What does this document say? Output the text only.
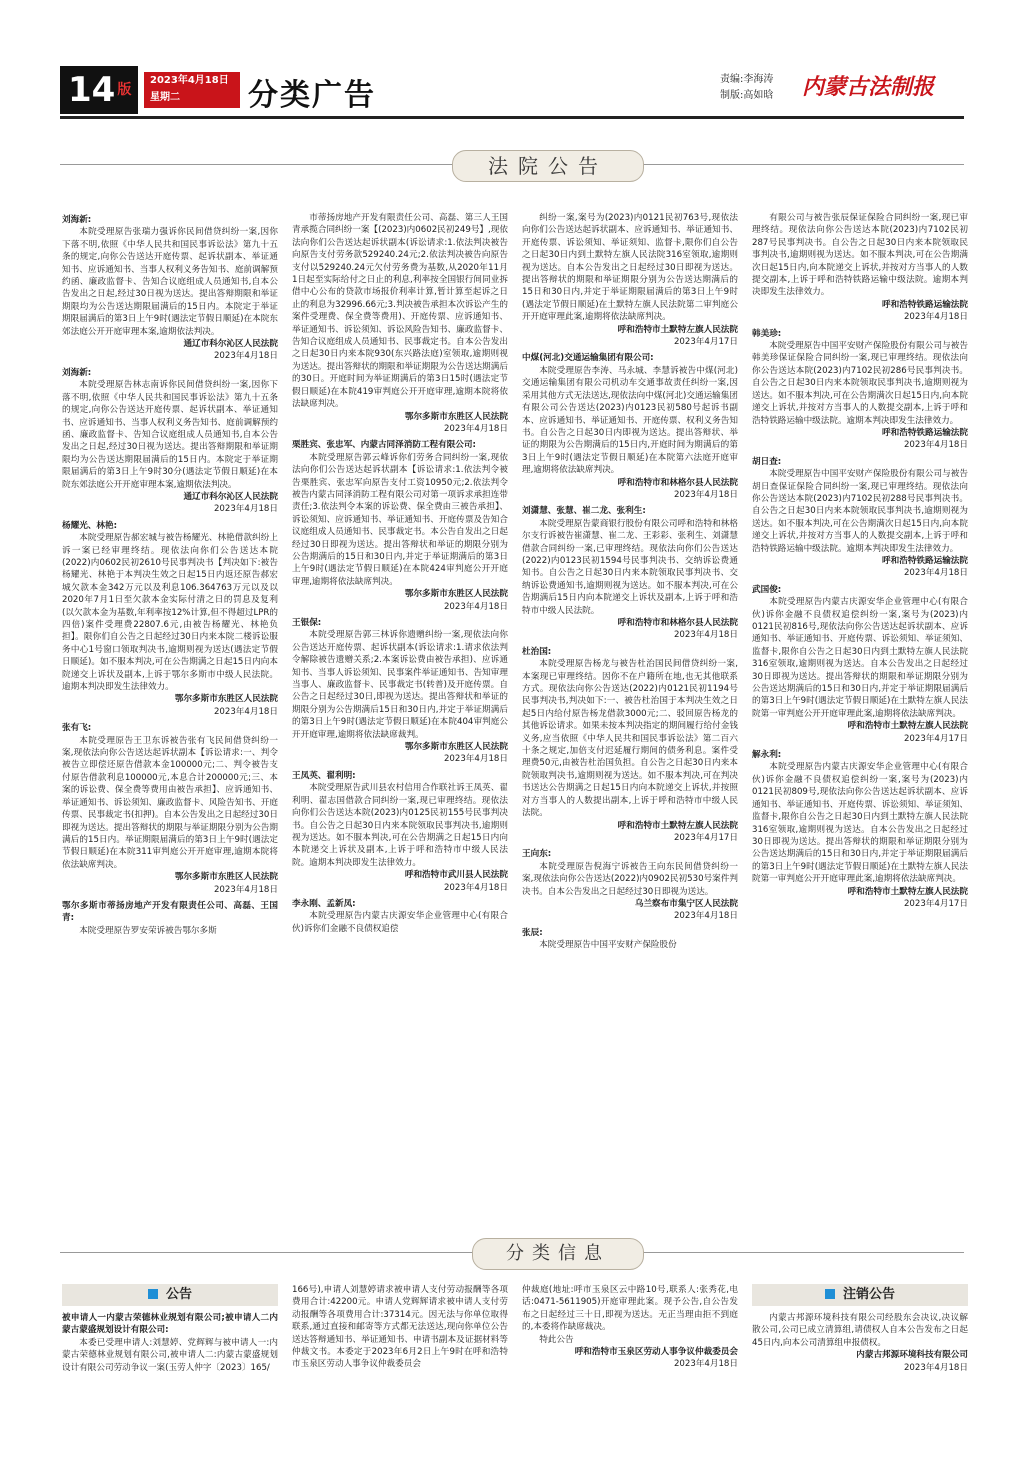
14 $^版$
2023年4月18日
星期二	分类广告	责编:李海涛
制版:高如晗 内蒙古法制报
法院公告
刘海新:
本院受理原告张瑞力强诉你民间借贷纠纷一案,因你下落不明,依照《中华人民共和国民事诉讼法》第九十五条的规定,向你公告送达开庭传票、起诉状副本、举证通知书、应诉通知书、当事人权利义务告知书、庭前调解预约函、廉政监督卡、告知合议庭组成人员通知书,自本公告发出之日起,经过30日视为送达。提出答辩期限和举证期限均为公告送达期限届满后的15日内。本院定于举证期限届满后的第3日上午9时(遇法定节假日顺延)在本院东郊法庭公开开庭审理本案,逾期依法判决。
通辽市科尔沁区人民法院
2023年4月18日
刘海新:
本院受理原告林志南诉你民间借贷纠纷一案,因你下落不明,依照《中华人民共和国民事诉讼法》第九十五条的规定,向你公告送达开庭传票、起诉状副本、举证通知书、应诉通知书、当事人权利义务告知书、庭前调解预约函、廉政监督卡、告知合议庭组成人员通知书,自本公告发出之日起,经过30日视为送达。提出答辩期限和举证期限均为公告送达期限届满后的15日内。本院定于举证期限届满后的第3日上午9时30分(遇法定节假日顺延)在本院东郊法庭公开开庭审理本案,逾期依法判决。
通辽市科尔沁区人民法院
2023年4月18日
杨耀光、林艳:
本院受理原告郝宏城与被告杨耀光、林艳借款纠纷上诉一案已经审理终结。现依法向你们公告送达本院(2022)内0602民初2610号民事判决书【判决如下:被告杨耀光、林艳于本判决生效之日起15日内返还原告郝宏城欠款本金342万元以及利息106.364763万元以及以2020年7月1日至欠款本金实际付清之日的罚息及复利(以欠款本金为基数,年利率按12%计算,但不得超过LPR的四倍)案件受理费22807.6元,由被告杨耀光、林艳负担】。限你们自公告之日起经过30日内来本院二楼诉讼服务中心1号窗口领取判决书,逾期则视为送达(遇法定节假日顺延)。如不服本判决,可在公告期满之日起15日内向本院递交上诉状及副本,上诉于鄂尔多斯市中级人民法院。逾期本判决即发生法律效力。
鄂尔多斯市东胜区人民法院
2023年4月18日
张有飞:
本院受理原告王卫东诉被告张有飞民间借贷纠纷一案,现依法向你公告送达起诉状副本【诉讼请求:一、判令被告立即偿还原告借款本金100000元;二、判令被告支付原告借款利息100000元,本息合计200000元;三、本案的诉讼费、保全费等费用由被告承担】、应诉通知书、举证通知书、诉讼须知、廉政监督卡、风险告知书、开庭传票、民事裁定书(扣押)。自本公告发出之日起经过30日即视为送达。提出答辩状的期限与举证期限分别为公告期满后的15日内。举证期限届满后的第3日上午9时(遇法定节假日顺延)在本院311审判庭公开开庭审理,逾期本院将依法缺席判决。
鄂尔多斯市东胜区人民法院
2023年4月18日
鄂尔多斯市蒂扬房地产开发有限责任公司、高磊、王国青:
本院受理原告罗安荣诉被告鄂尔多斯
市蒂扬房地产开发有限责任公司、高磊、第三人王国青承揽合同纠纷一案【(2023)内0602民初249号】,现依法向你们公告送达起诉状副本(诉讼请求:1.依法判决被告向原告支付劳务款529240.24元;2.依法判决被告向原告支付以529240.24元欠付劳务费为基数,从2020年11月1日起至实际给付之日止的利息,利率按全国银行间同业拆借中心公布的贷款市场报价利率计算,暂计算至起诉之日止的利息为32996.66元;3.判决被告承担本次诉讼产生的案件受理费、保全费等费用)、开庭传票、应诉通知书、举证通知书、诉讼须知、诉讼风险告知书、廉政监督卡、告知合议庭组成人员通知书、民事裁定书。自本公告发出之日起30日内来本院930(东兴路法庭)室领取,逾期则视为送达。提出答辩状的期限和举证期限为公告送达期满后的30日。开庭时间为举证期满后的第3日15时(遇法定节假日顺延)在本院419审判庭公开开庭审理,逾期本院将依法缺席判决。
鄂尔多斯市东胜区人民法院
2023年4月18日
栗胜宾、张忠军、内蒙古同泽消防工程有限公司:
本院受理原告郭云峰诉你们劳务合同纠纷一案,现依法向你们公告送达起诉状副本【诉讼请求:1.依法判令被告栗胜宾、张忠军向原告支付工资10950元;2.依法判令被告内蒙古同泽消防工程有限公司对第一项诉求承担连带责任;3.依法判令本案的诉讼费、保全费由三被告承担】、诉讼须知、应诉通知书、举证通知书、开庭传票及告知合议庭组成人员通知书、民事裁定书。本公告自发出之日起经过30日即视为送达。提出答辩状和举证的期限分别为公告期满后的15日和30日内,并定于举证期满后的第3日上午9时(遇法定节假日顺延)在本院424审判庭公开开庭审理,逾期将依法缺席判决。
鄂尔多斯市东胜区人民法院
2023年4月18日
王银保:
本院受理原告郭三林诉你遗赠纠纷一案,现依法向你公告送达开庭传票、起诉状副本(诉讼请求:1.请求依法判令解除被告遗赠关系;2.本案诉讼费由被告承担)、应诉通知书、当事人诉讼须知、民事案件举证通知书、告知审理当事人、廉政监督卡、民事裁定书(转普)及开庭传票。自公告之日起经过30日,即视为送达。提出答辩状和举证的期限分别为公告期满后15日和30日内,并定于举证期满后的第3日上午9时(遇法定节假日顺延)在本院404审判庭公开开庭审理,逾期将依法缺席裁判。
鄂尔多斯市东胜区人民法院
2023年4月18日
王凤英、翟利明:
本院受理原告武川县农村信用合作联社诉王凤英、翟利明、翟志国借款合同纠纷一案,现已审理终结。现依法向你们公告送达本院(2023)内0125民初155号民事判决书。自公告之日起30日内来本院领取民事判决书,逾期则视为送达。如不服本判决,可在公告期满之日起15日内向本院递交上诉状及副本,上诉于呼和浩特市中级人民法院。逾期本判决即发生法律效力。
呼和浩特市武川县人民法院
2023年4月18日
李永刚、孟新凤:
本院受理原告内蒙古庆源安华企业管理中心(有限合伙)诉你们金融不良债权追偿
纠纷一案,案号为(2023)内0121民初763号,现依法向你们公告送达起诉状副本、应诉通知书、举证通知书、开庭传票、诉讼须知、举证须知、监督卡,限你们自公告之日起30日内到土默特左旗人民法院316室领取,逾期则视为送达。自本公告发出之日起经过30日即视为送达。提出答辩状的期限和举证期限分别为公告送达期满后的15日和30日内,并定于举证期限届满后的第3日上午9时(遇法定节假日顺延)在土默特左旗人民法院第二审判庭公开开庭审理此案,逾期将依法缺席判决。
呼和浩特市土默特左旗人民法院
2023年4月17日
中煤(河北)交通运输集团有限公司:
本院受理原告李涛、马永城、李慧诉被告中煤(河北)交通运输集团有限公司机动车交通事故责任纠纷一案,因采用其他方式无法送达,现依法向中煤(河北)交通运输集团有限公司公告送达(2023)内0123民初580号起诉书副本、应诉通知书、举证通知书、开庭传票、权利义务告知书。自公告之日起30日内即视为送达。提出答辩状、举证的期限为公告期满后的15日内,开庭时间为期满后的第3日上午9时(遇法定节假日顺延)在本院第六法庭开庭审理,逾期将依法缺席判决。
呼和浩特市和林格尔县人民法院
2023年4月18日
刘潇慧、张慧、崔二龙、张利生:
本院受理原告蒙商银行股份有限公司呼和浩特和林格尔支行诉被告崔潇慧、崔二龙、王彩彩、张利生、刘潇慧借款合同纠纷一案,已审理终结。现依法向你们公告送达(2022)内0123民初1594号民事判决书、交纳诉讼费通知书。自公告之日起30日内来本院领取民事判决书、交纳诉讼费通知书,逾期则视为送达。如不服本判决,可在公告期满后15日内向本院递交上诉状及副本,上诉于呼和浩特市中级人民法院。
呼和浩特市和林格尔县人民法院
2023年4月18日
杜治国:
本院受理原告杨龙与被告杜治国民间借贷纠纷一案,本案现已审理终结。因你不在户籍所在地,也无其他联系方式。现依法向你公告送达(2022)内0121民初1194号民事判决书,判决如下:一、被告杜治国于本判决生效之日起5日内给付原告杨龙借款3000元;二、驳回原告杨龙的其他诉讼请求。如果未按本判决指定的期间履行给付金钱义务,应当依照《中华人民共和国民事诉讼法》第二百六十条之规定,加倍支付迟延履行期间的债务利息。案件受理费50元,由被告杜治国负担。自公告之日起30日内来本院领取判决书,逾期则视为送达。如不服本判决,可在判决书送达公告期满之日起15日内向本院递交上诉状,并按照对方当事人的人数提出副本,上诉于呼和浩特市中级人民法院。
呼和浩特市土默特左旗人民法院
2023年4月17日
王向东:
本院受理原告倪海宁诉被告王向东民间借贷纠纷一案,现依法向你公告送达(2022)内0902民初530号案件判决书。自本公告发出之日起经过30日即视为送达。
乌兰察布市集宁区人民法院
2023年4月18日
张辰:
本院受理原告中国平安财产保险股份
有限公司与被告张辰保证保险合同纠纷一案,现已审理终结。现依法向你公告送达本院(2023)内7102民初287号民事判决书。自公告之日起30日内来本院领取民事判决书,逾期则视为送达。如不服本判决,可在公告期满次日起15日内,向本院递交上诉状,并按对方当事人的人数提交副本,上诉于呼和浩特铁路运输中级法院。逾期本判决即发生法律效力。
呼和浩特铁路运输法院
2023年4月18日
韩美珍:
本院受理原告中国平安财产保险股份有限公司与被告韩美珍保证保险合同纠纷一案,现已审理终结。现依法向你公告送达本院(2023)内7102民初286号民事判决书。自公告之日起30日内来本院领取民事判决书,逾期则视为送达。如不服本判决,可在公告期满次日起15日内,向本院递交上诉状,并按对方当事人的人数提交副本,上诉于呼和浩特铁路运输中级法院。逾期本判决即发生法律效力。
呼和浩特铁路运输法院
2023年4月18日
胡日查:
本院受理原告中国平安财产保险股份有限公司与被告胡日查保证保险合同纠纷一案,现已审理终结。现依法向你公告送达本院(2023)内7102民初288号民事判决书。自公告之日起30日内来本院领取民事判决书,逾期则视为送达。如不服本判决,可在公告期满次日起15日内,向本院递交上诉状,并按对方当事人的人数提交副本,上诉于呼和浩特铁路运输中级法院。逾期本判决即发生法律效力。
呼和浩特铁路运输法院
2023年4月18日
武国俊:
本院受理原告内蒙古庆源安华企业管理中心(有限合伙)诉你金融不良债权追偿纠纷一案,案号为(2023)内0121民初816号,现依法向你公告送达起诉状副本、应诉通知书、举证通知书、开庭传票、诉讼须知、举证须知、监督卡,限你自公告之日起30日内到土默特左旗人民法院316室领取,逾期则视为送达。自本公告发出之日起经过30日即视为送达。提出答辩状的期限和举证期限分别为公告送达期满后的15日和30日内,并定于举证期限届满后的第3日上午9时(遇法定节假日顺延)在土默特左旗人民法院第一审判庭公开开庭审理此案,逾期将依法缺席判决。
呼和浩特市土默特左旗人民法院
2023年4月17日
解永利:
本院受理原告内蒙古庆源安华企业管理中心(有限合伙)诉你金融不良债权追偿纠纷一案,案号为(2023)内0121民初809号,现依法向你公告送达起诉状副本、应诉通知书、举证通知书、开庭传票、诉讼须知、举证须知、监督卡,限你自公告之日起30日内到土默特左旗人民法院316室领取,逾期则视为送达。自本公告发出之日起经过30日即视为送达。提出答辩状的期限和举证期限分别为公告送达期满后的15日和30日内,并定于举证期限届满后的第3日上午9时(遇法定节假日顺延)在土默特左旗人民法院第一审判庭公开开庭审理此案,逾期将依法缺席判决。
呼和浩特市土默特左旗人民法院
2023年4月17日
分类信息
公告
被申请人一内蒙古荣德林业规划有限公司;被申请人二内蒙古蒙盛规划设计有限公司:
本委已受理申请人:刘慧婷、党辉辉与被申请人一:内蒙古荣德林业规划有限公司,被申请人二:内蒙古蒙盛规划设计有限公司劳动争议一案(玉劳人仲字〔2023〕165/
166号),申请人刘慧婷请求被申请人支付劳动报酬等各项费用合计:42200元。申请人党辉辉请求被申请人支付劳动报酬等各项费用合计:37314元。因无法与你单位取得联系,通过直接和邮寄等方式都无法送达,现向你单位公告送达答辩通知书、举证通知书、申请书副本及证据材料等仲裁文书。本委定于2023年6月2日上午9时在呼和浩特市玉泉区劳动人事争议仲裁委员会
仲裁庭(地址:呼市玉泉区云中路10号,联系人:张秀花,电话:0471-5611905)开庭审理此案。现予公告,自公告发布之日起经过三十日,即视为送达。无正当理由拒不到庭的,本委将作缺席裁决。
特此公告
呼和浩特市玉泉区劳动人事争议仲裁委员会
2023年4月18日
注销公告
内蒙古邦源环境科技有限公司经股东会决议,决议解散公司,公司已成立清算组,请债权人自本公告发布之日起45日内,向本公司清算组申报债权。
内蒙古邦源环境科技有限公司
2023年4月18日
